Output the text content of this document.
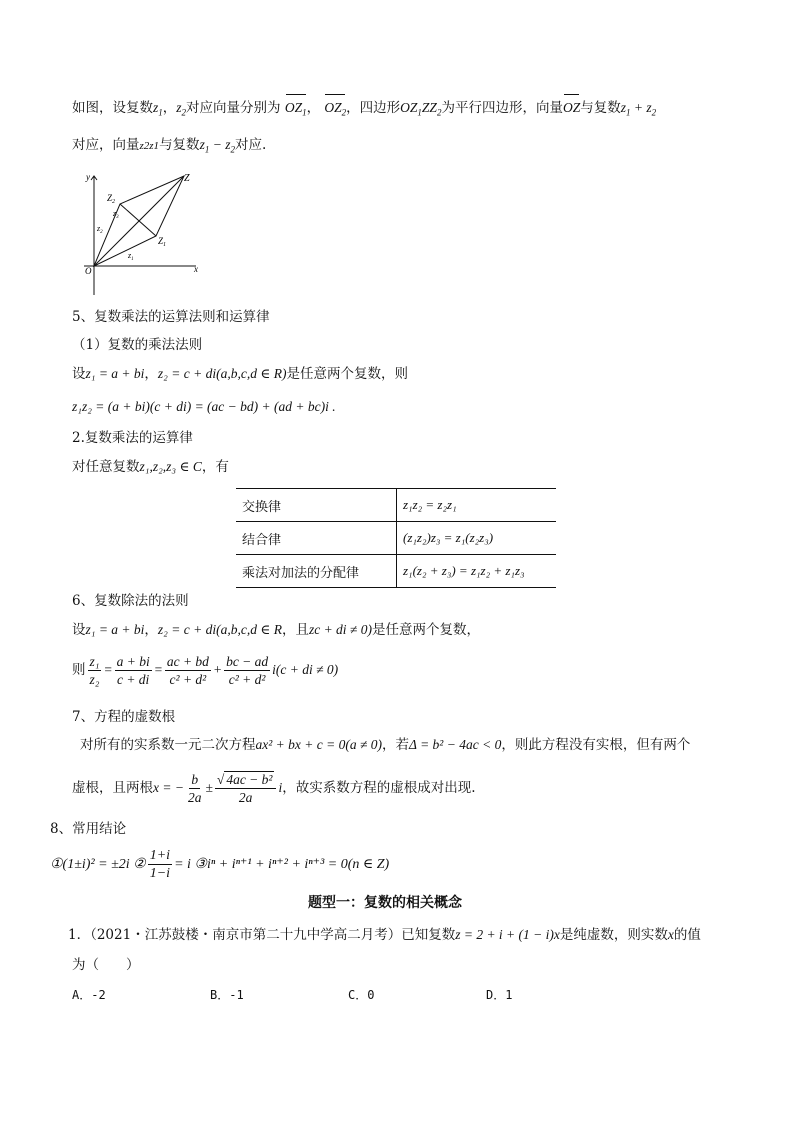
如图，设复数$z_1$，$z_2$对应向量分别为 $OZ_1$， $OZ_2$，四边形$OZ_1ZZ_2$为平行四边形，向量OZ与复数$z_1 + z_2$
对应，向量z2z1与复数$z_1 - z_2$对应.
y
x
O
Z
$Z_2$
$Z_1$
$z_2$
$z_1$
$z_3$
5、复数乘法的运算法则和运算律
（1）复数的乘法法则
设z₁ = a + bi，z₂ = c + di(a,b,c,d ∈ R)是任意两个复数，则
z₁z₂ = (a + bi)(c + di) = (ac − bd) + (ad + bc)i .
2.复数乘法的运算律
对任意复数z₁,z₂,z₃ ∈ C，有
交换律	z₁z₂ = z₂z₁
结合律	(z₁z₂)z₃ = z₁(z₂z₃)
乘法对加法的分配律	z₁(z₂ + z₃) = z₁z₂ + z₁z₃
6、复数除法的法则
设z₁ = a + bi，z₂ = c + di(a,b,c,d ∈ R，且zc + di ≠ 0)是任意两个复数，
则 $\frac{\text{z₁}}{\text{z₂}} = \frac{a + bi}{c + di} = \frac{ac + bd}{\text{c² + d²}} + \frac{bc - ad}{\text{c² + d²}} i(c$ + di ≠ 0)
7、方程的虚数根
对所有的实系数一元二次方程ax² + bx + c = 0(a ≠ 0)，若Δ = b² − 4ac < 0，则此方程没有实根，但有两个
虚根，且两根x = − $\frac{b}{2a} \pm \frac{\text{√ 4ac − b²}}{2a}$ i，故实系数方程的虚根成对出现.
8、常用结论
①(1±i)² = ±2i ② $\frac{1+i}{1-i} = i$ ③iⁿ + iⁿ⁺¹ + iⁿ⁺² + iⁿ⁺³ = 0(n ∈ Z)
题型一：复数的相关概念
1．（2021・江苏鼓楼・南京市第二十九中学高二月考）已知复数z = 2 + i + (1 − i)x是纯虚数，则实数x的值
为（　　）
A．-2	B．-1	C．0	D．1
